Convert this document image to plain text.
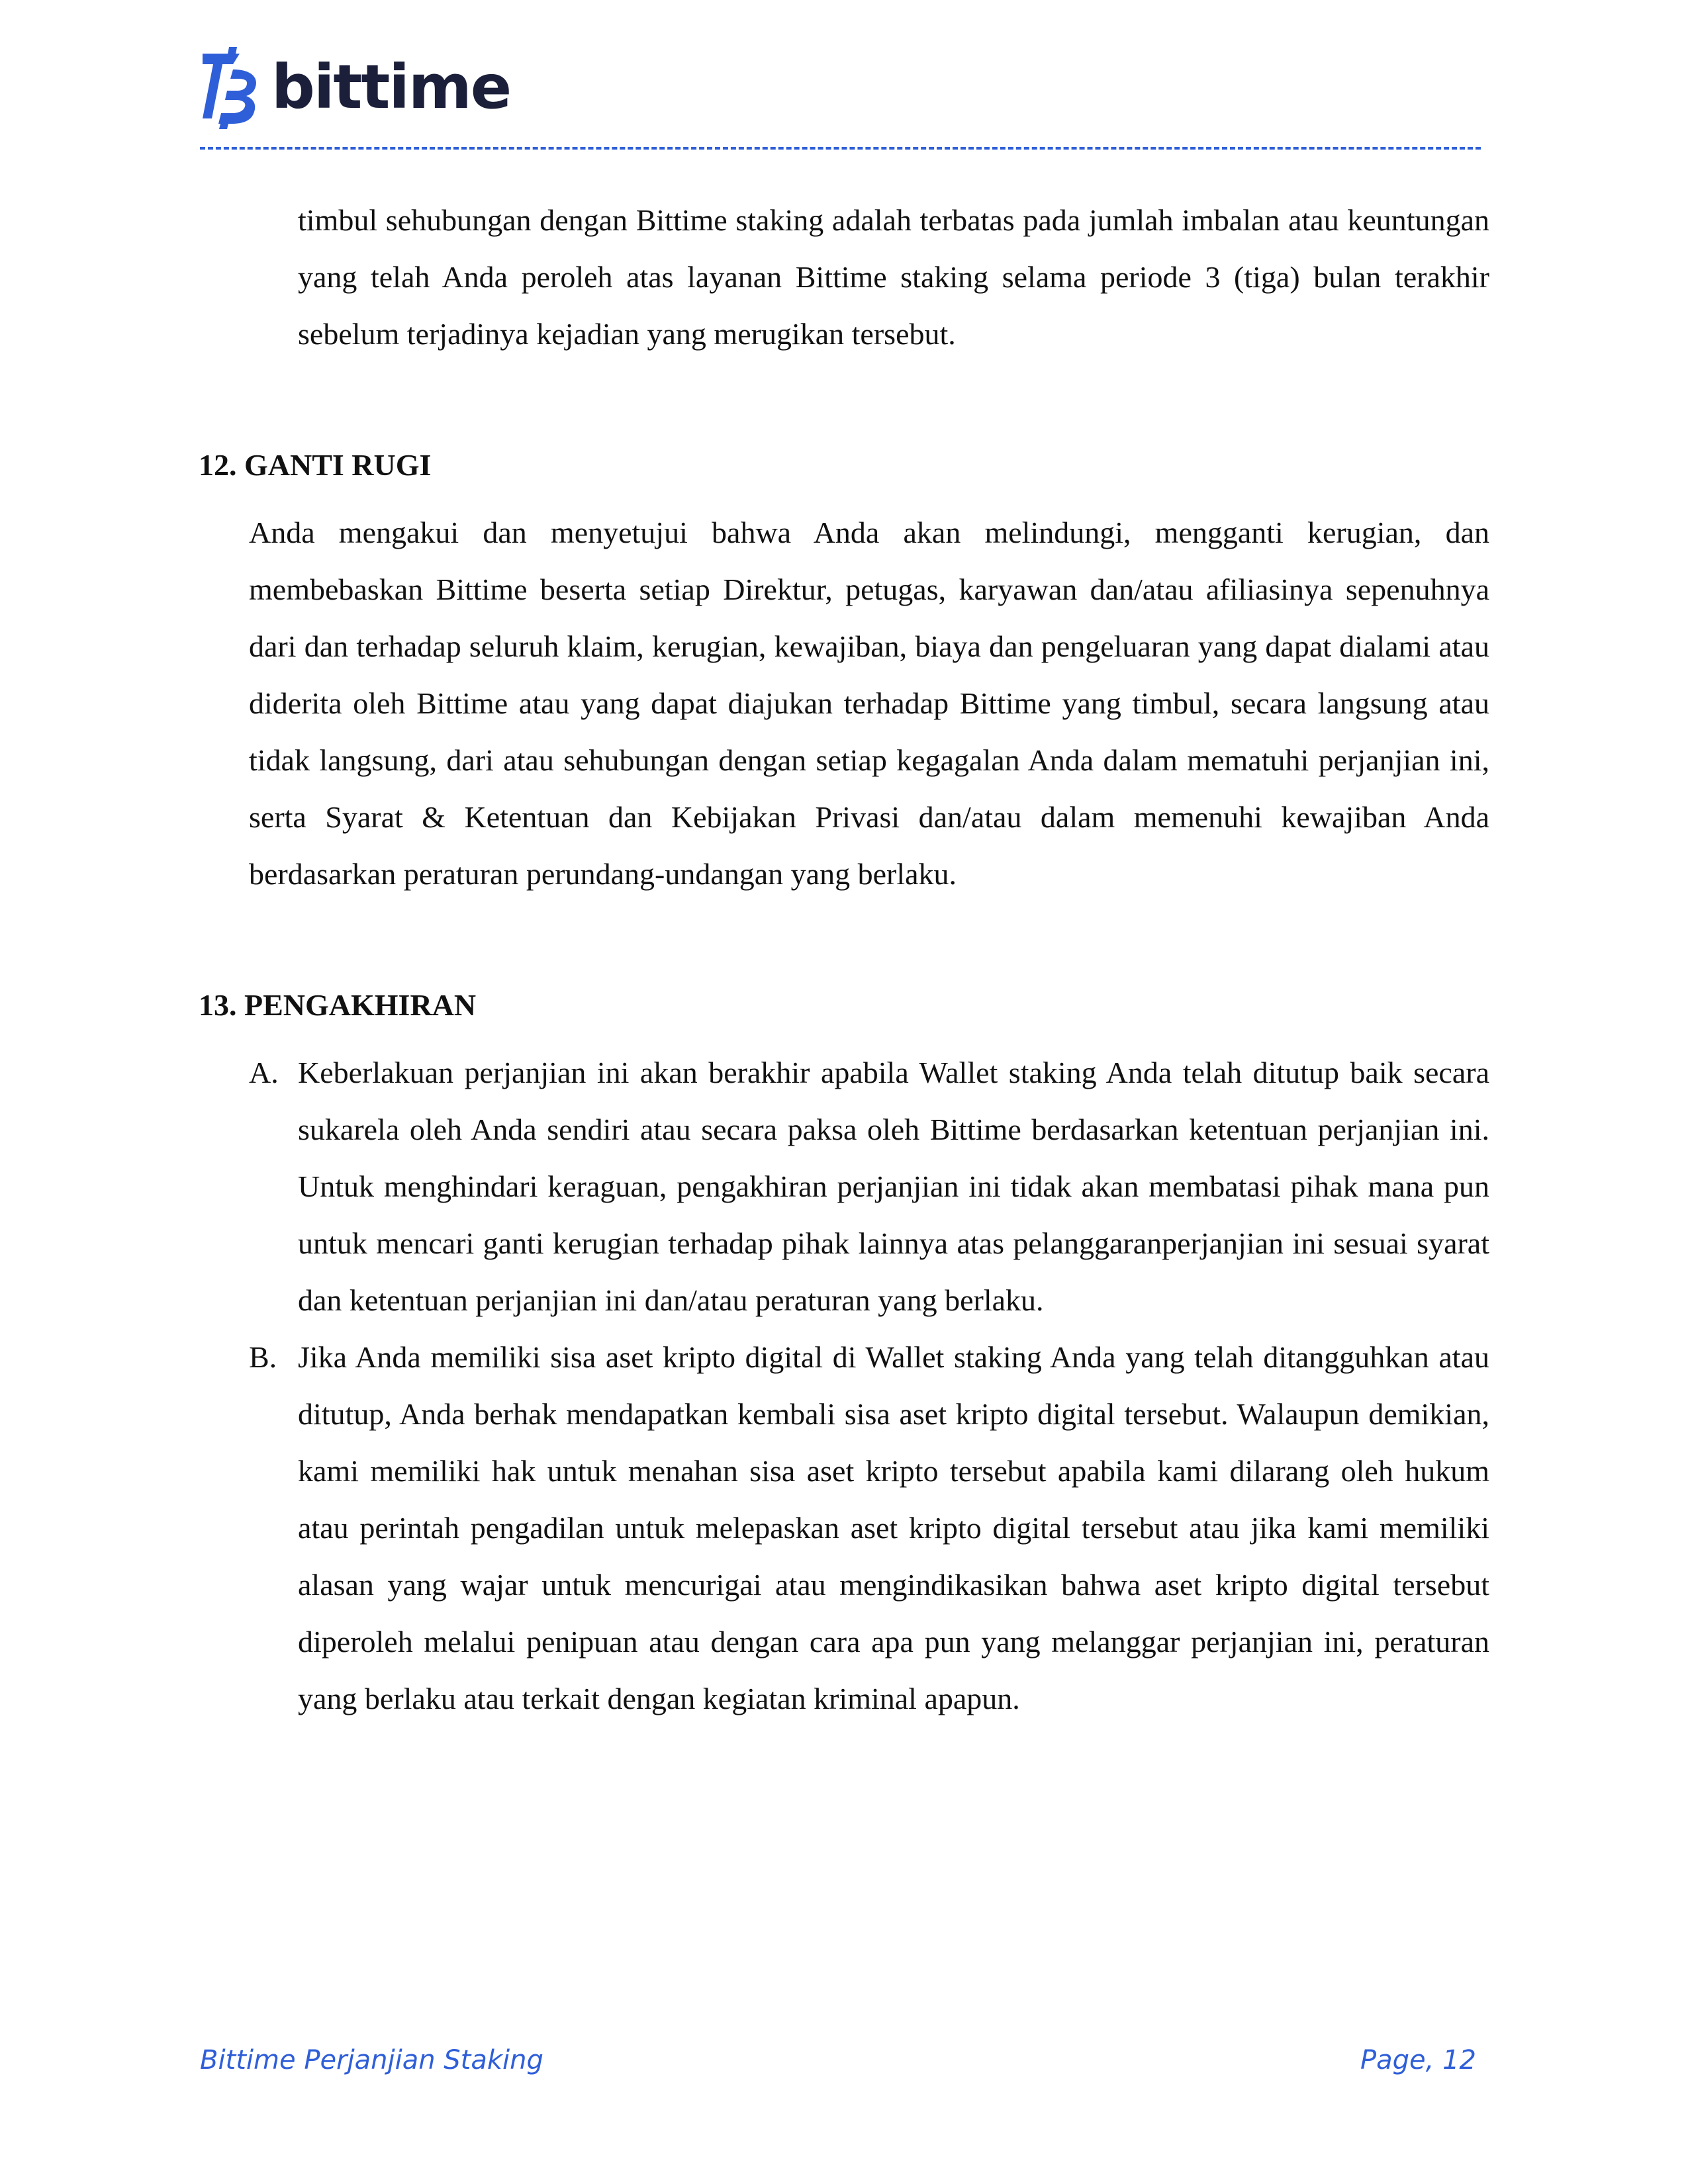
bittime

timbul sehubungan dengan Bittime staking adalah terbatas pada jumlah imbalan atau keuntungan yang telah Anda peroleh atas layanan Bittime staking selama periode 3 (tiga) bulan terakhir sebelum terjadinya kejadian yang merugikan tersebut.

12. GANTI RUGI

Anda mengakui dan menyetujui bahwa Anda akan melindungi, mengganti kerugian, dan membebaskan Bittime beserta setiap Direktur, petugas, karyawan dan/atau afiliasinya sepenuhnya dari dan terhadap seluruh klaim, kerugian, kewajiban, biaya dan pengeluaran yang dapat dialami atau diderita oleh Bittime atau yang dapat diajukan terhadap Bittime yang timbul, secara langsung atau tidak langsung, dari atau sehubungan dengan setiap kegagalan Anda dalam mematuhi perjanjian ini, serta Syarat & Ketentuan dan Kebijakan Privasi dan/atau dalam memenuhi kewajiban Anda berdasarkan peraturan perundang-undangan yang berlaku.

13. PENGAKHIRAN
A. Keberlakuan perjanjian ini akan berakhir apabila Wallet staking Anda telah ditutup baik secara sukarela oleh Anda sendiri atau secara paksa oleh Bittime berdasarkan ketentuan perjanjian ini. Untuk menghindari keraguan, pengakhiran perjanjian ini tidak akan membatasi pihak mana pun untuk mencari ganti kerugian terhadap pihak lainnya atas pelanggaranperjanjian ini sesuai syarat dan ketentuan perjanjian ini dan/atau peraturan yang berlaku.

B. Jika Anda memiliki sisa aset kripto digital di Wallet staking Anda yang telah ditangguhkan atau ditutup, Anda berhak mendapatkan kembali sisa aset kripto digital tersebut. Walaupun demikian, kami memiliki hak untuk menahan sisa aset kripto tersebut apabila kami dilarang oleh hukum atau perintah pengadilan untuk melepaskan aset kripto digital tersebut atau jika kami memiliki alasan yang wajar untuk mencurigai atau mengindikasikan bahwa aset kripto digital tersebut diperoleh melalui penipuan atau dengan cara apa pun yang melanggar perjanjian ini, peraturan yang berlaku atau terkait dengan kegiatan kriminal apapun.

Bittime Perjanjian Staking	Page, 12
